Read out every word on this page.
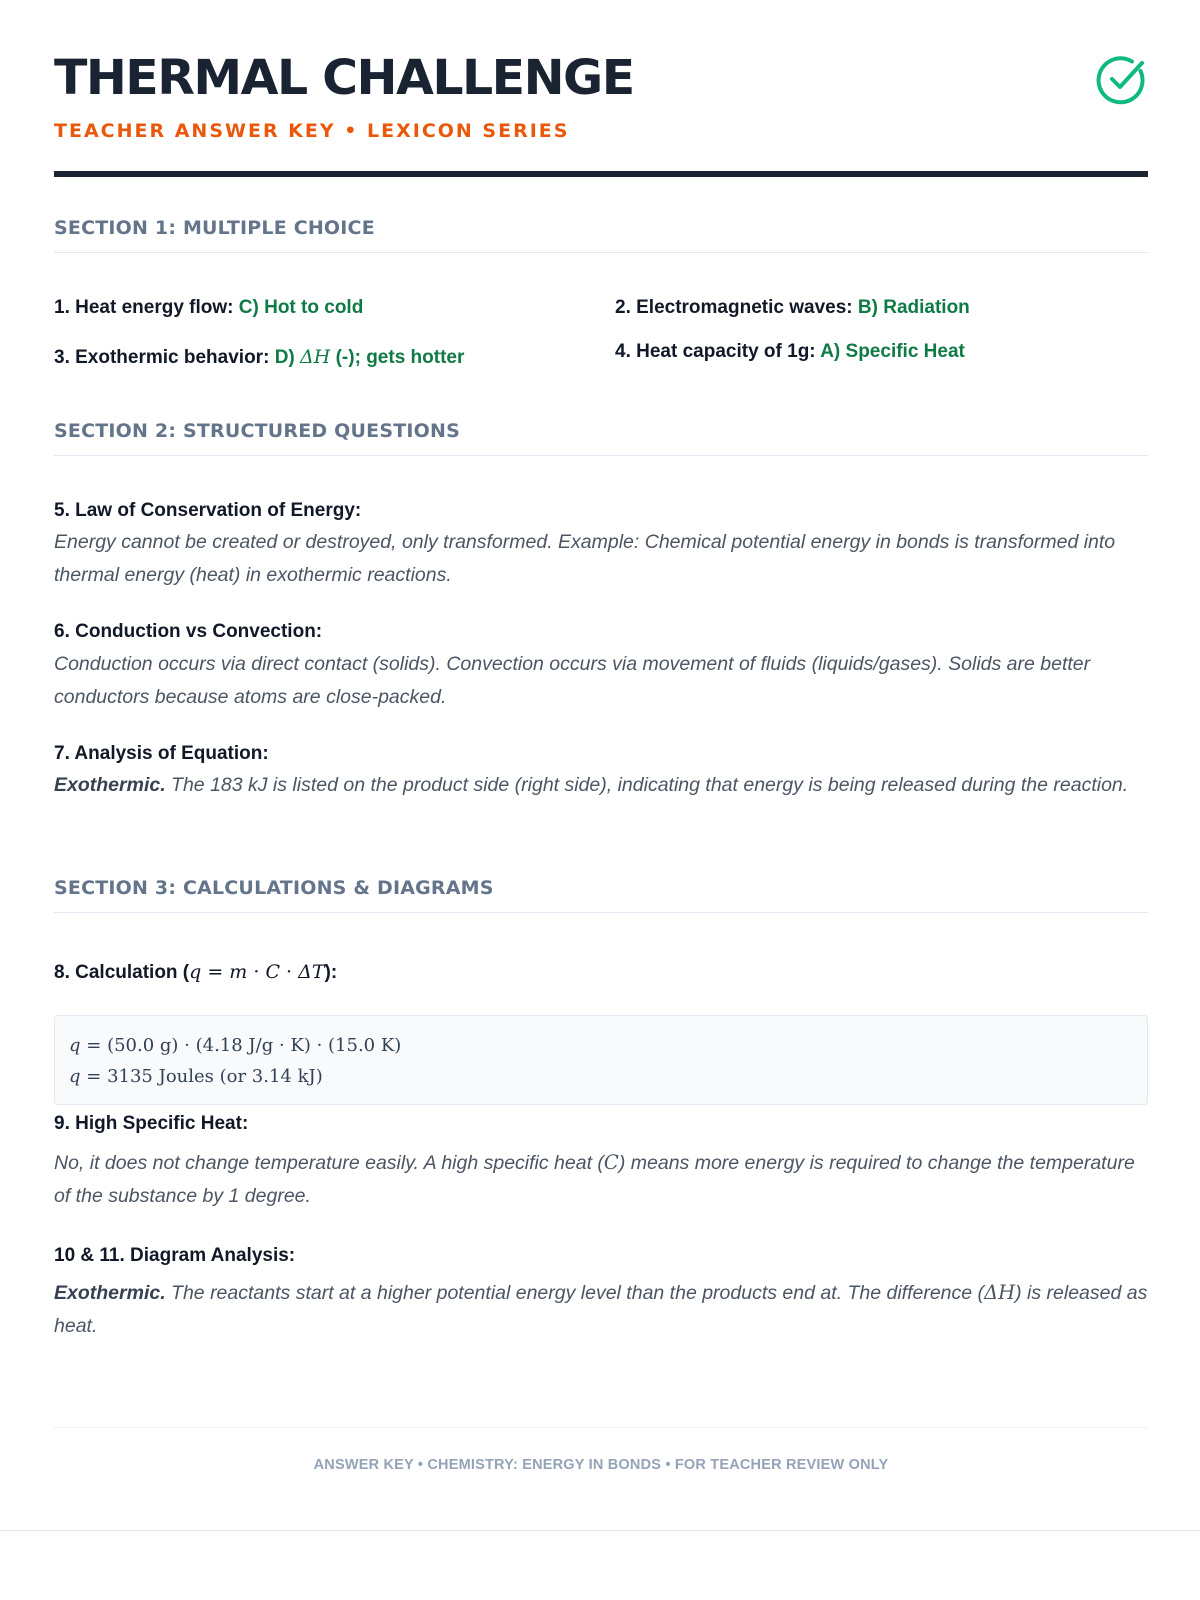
THERMAL CHALLENGE
TEACHER ANSWER KEY • LEXICON SERIES
SECTION 1: MULTIPLE CHOICE
1. Heat energy flow: C) Hot to cold	2. Electromagnetic waves: B) Radiation
3. Exothermic behavior: D) ΔH (-); gets hotter	4. Heat capacity of 1g: A) Specific Heat
SECTION 2: STRUCTURED QUESTIONS
5. Law of Conservation of Energy:
Energy cannot be created or destroyed, only transformed. Example: Chemical potential energy in bonds is transformed into thermal energy (heat) in exothermic reactions.
6. Conduction vs Convection:
Conduction occurs via direct contact (solids). Convection occurs via movement of fluids (liquids/gases). Solids are better conductors because atoms are close-packed.
7. Analysis of Equation:
Exothermic. The 183 kJ is listed on the product side (right side), indicating that energy is being released during the reaction.
SECTION 3: CALCULATIONS & DIAGRAMS
8. Calculation (q = m · C · ΔT):
q = (50.0 g) · (4.18 J/g · K) · (15.0 K)
q = 3135 Joules (or 3.14 kJ)
9. High Specific Heat:
No, it does not change temperature easily. A high specific heat (C) means more energy is required to change the temperature of the substance by 1 degree.
10 & 11. Diagram Analysis:
Exothermic. The reactants start at a higher potential energy level than the products end at. The difference (ΔH) is released as heat.
ANSWER KEY • CHEMISTRY: ENERGY IN BONDS • FOR TEACHER REVIEW ONLY
